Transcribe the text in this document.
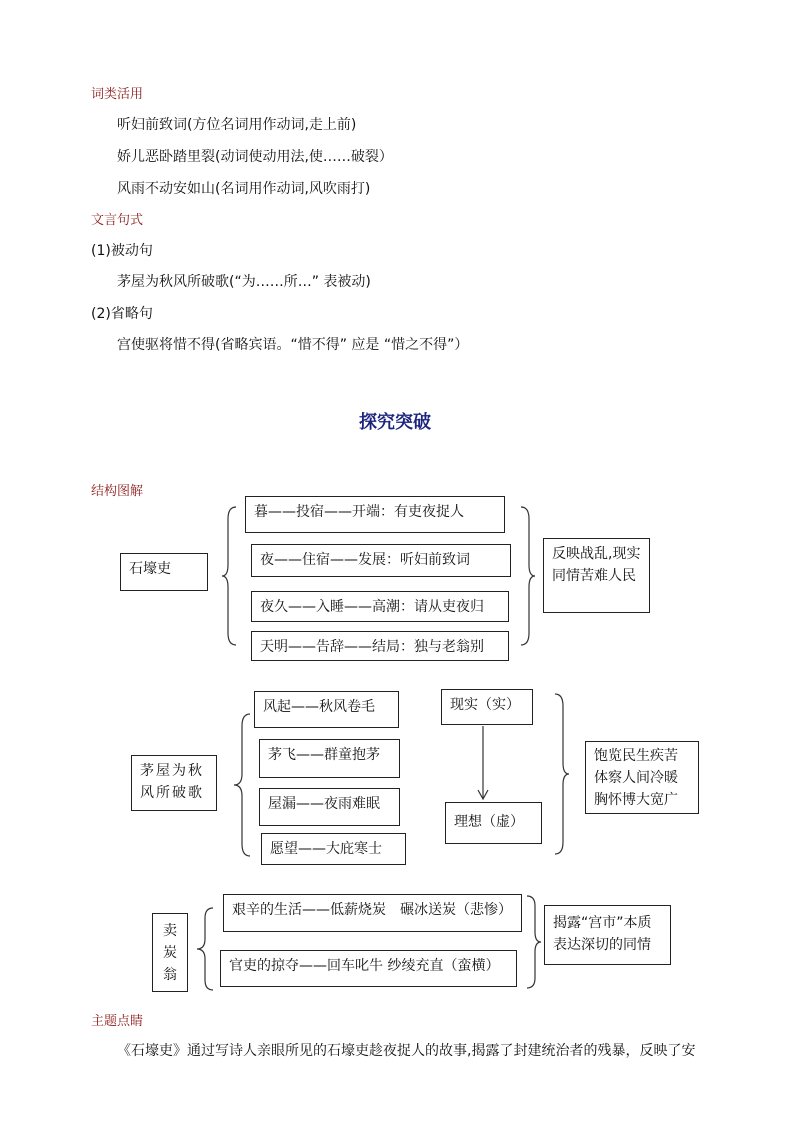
词类活用
听妇前致词(方位名词用作动词,走上前)
娇儿恶卧踏里裂(动词使动用法,使……破裂）
风雨不动安如山(名词用作动词,风吹雨打)
文言句式
(1)被动句
茅屋为秋风所破歌(“为……所…” 表被动)
(2)省略句
宫使驱将惜不得(省略宾语。“惜不得” 应是 “惜之不得”）
探究突破
结构图解
石壕吏
暮——投宿——开端：有吏夜捉人
夜——住宿——发展：听妇前致词
夜久——入睡——高潮：请从吏夜归
天明——告辞——结局：独与老翁别
反映战乱,现实同情苦难人民
茅屋为秋风所破歌
风起——秋风卷毛
茅飞——群童抱茅
屋漏——夜雨难眠
愿望——大庇寒士
现实（实）
理想（虚）
饱览民生疾苦体察人间冷暖胸怀博大宽广
卖炭翁
艰辛的生活——低薪烧炭　碾冰送炭（悲惨）
官吏的掠夺——回车叱牛 纱绫充直（蛮横）
揭露“宫市”本质表达深切的同情
主题点睛
《石壕吏》通过写诗人亲眼所见的石壕吏趁夜捉人的故事,揭露了封建统治者的残暴，反映了安
